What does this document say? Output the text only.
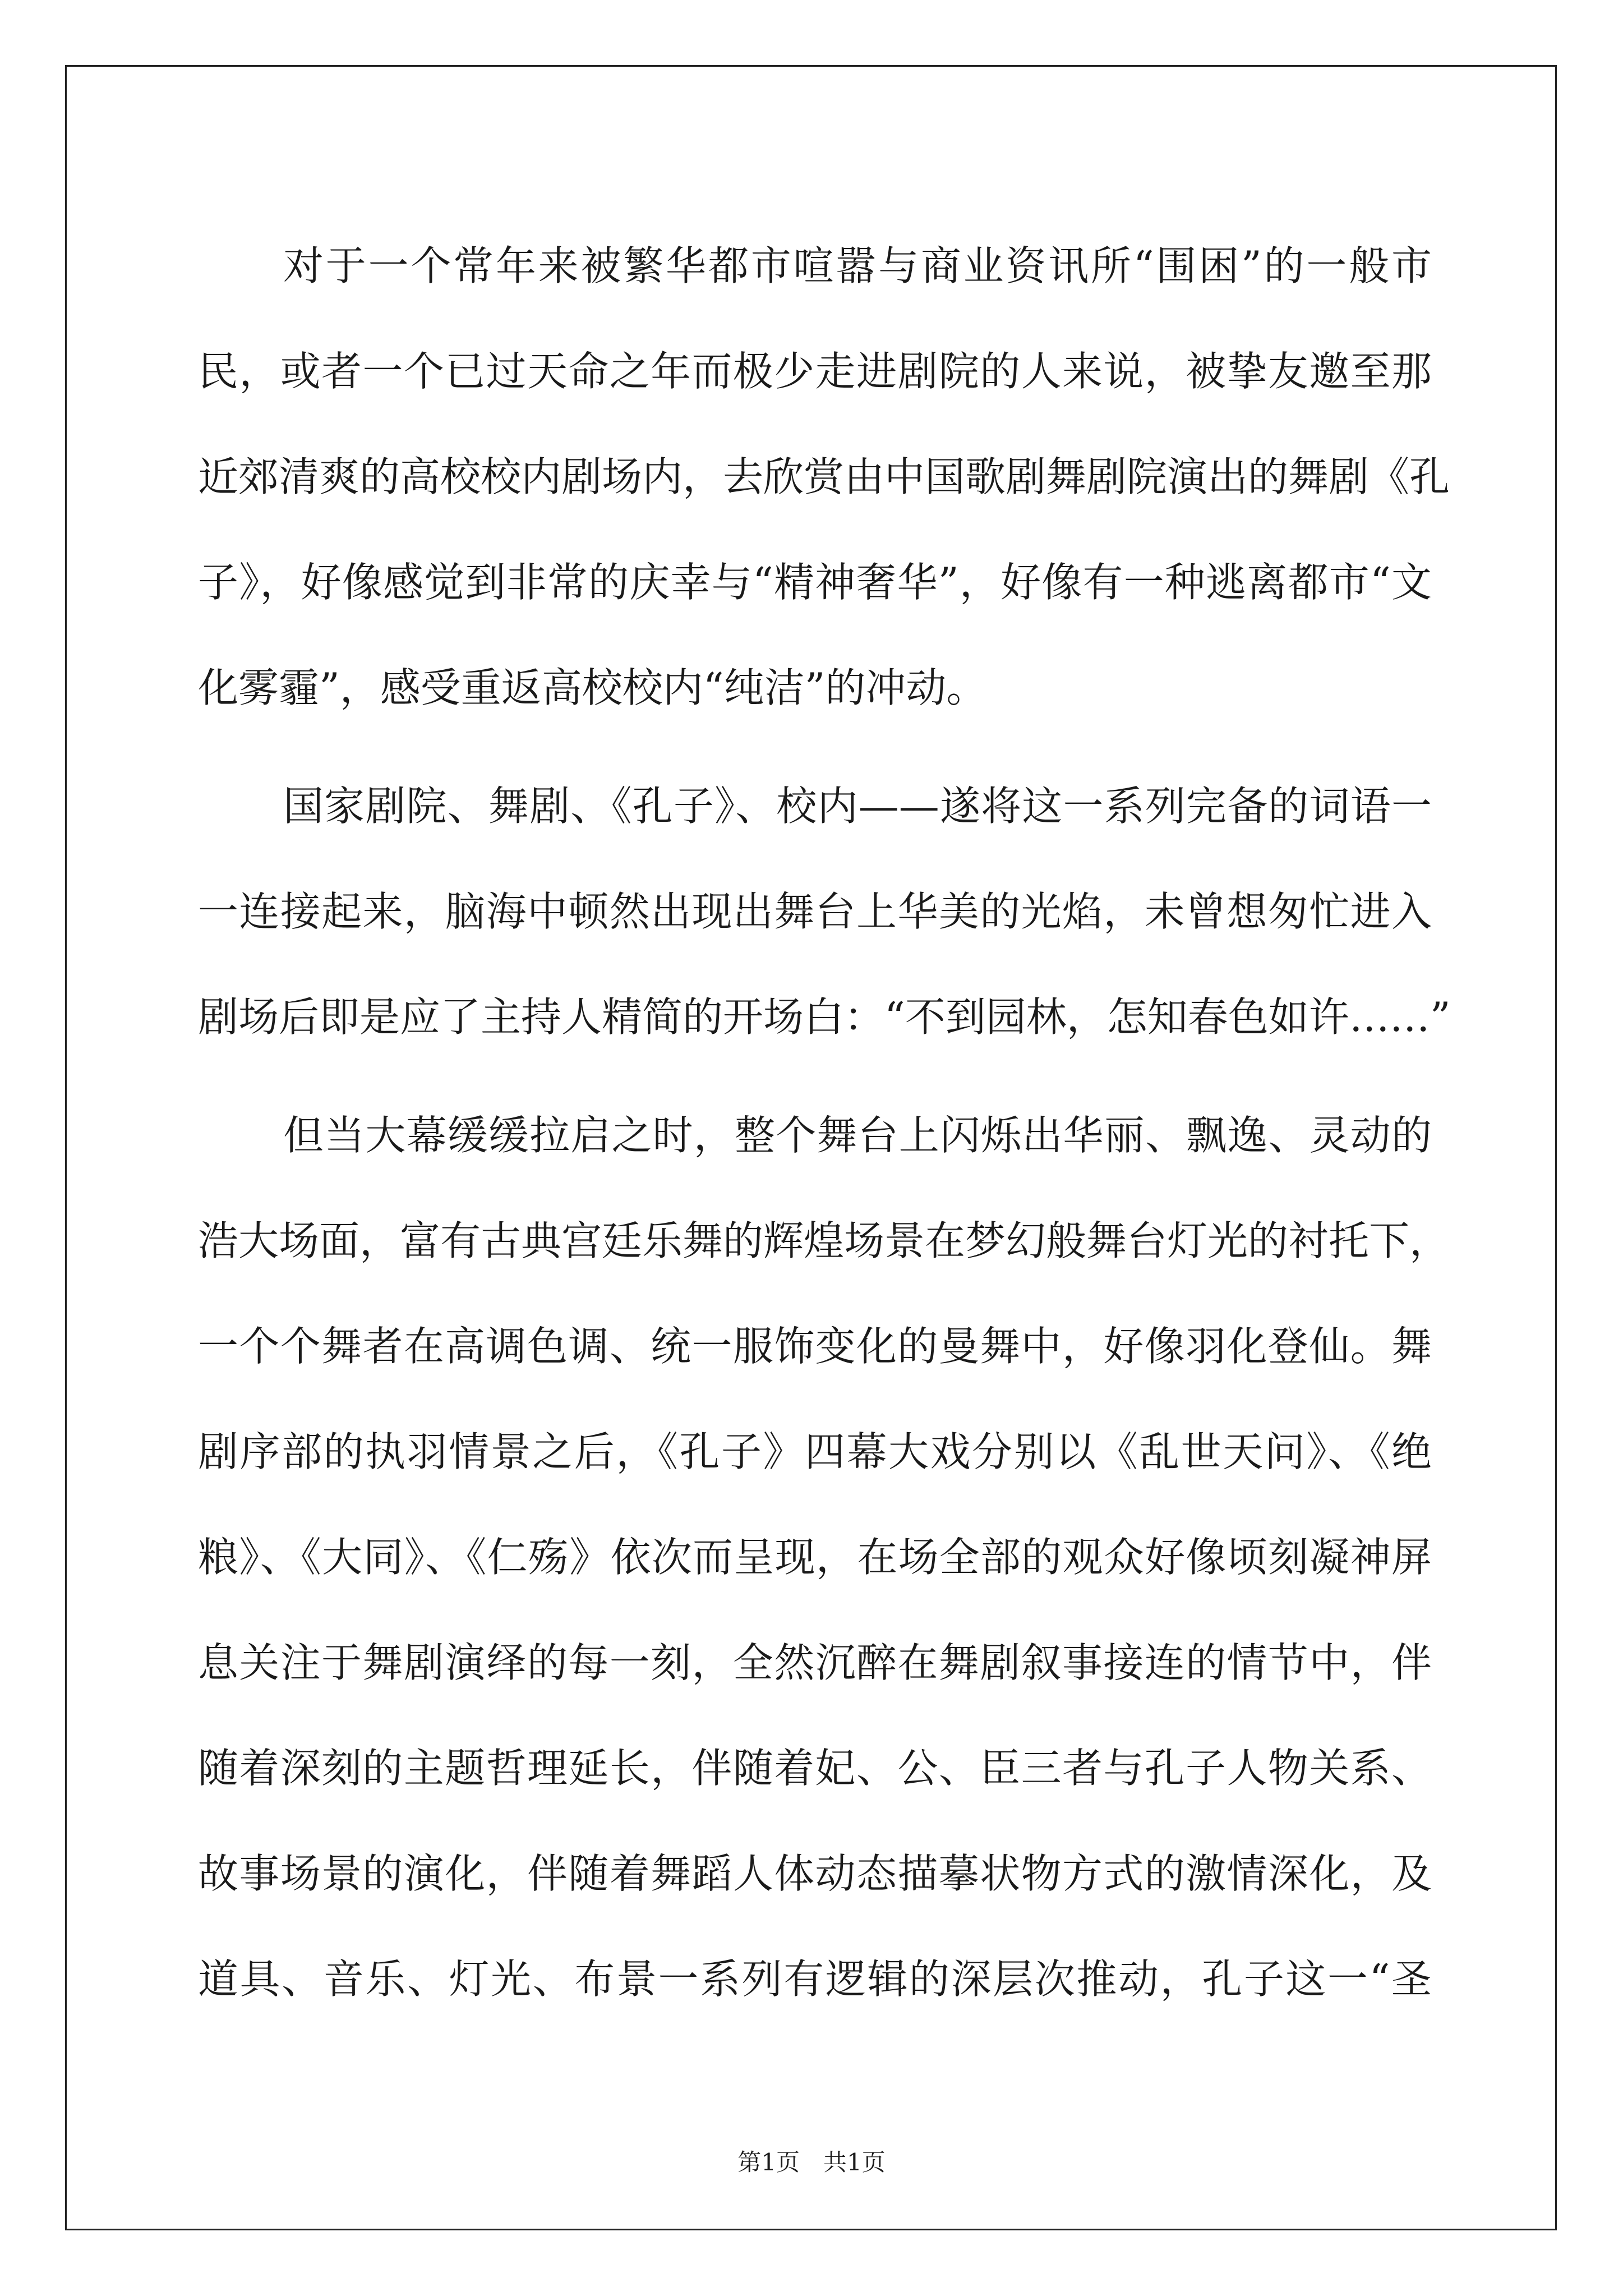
对于一个常年来被繁华都市喧嚣与商业资讯所“围困”的一般市
民，或者一个已过天命之年而极少走进剧院的人来说，被挚友邀至那
近郊清爽的高校校内剧场内，去欣赏由中国歌剧舞剧院演出的舞剧《孔
子》，好像感觉到非常的庆幸与“精神奢华”，好像有一种逃离都市“文
化雾霾”，感受重返高校校内“纯洁”的冲动。
国家剧院、舞剧、《孔子》、校内——遂将这一系列完备的词语一
一连接起来，脑海中顿然出现出舞台上华美的光焰，未曾想匆忙进入
剧场后即是应了主持人精简的开场白：“不到园林，怎知春色如许……”
但当大幕缓缓拉启之时，整个舞台上闪烁出华丽、飘逸、灵动的
浩大场面，富有古典宫廷乐舞的辉煌场景在梦幻般舞台灯光的衬托下，
一个个舞者在高调色调、统一服饰变化的曼舞中，好像羽化登仙。舞
剧序部的执羽情景之后，《孔子》四幕大戏分别以《乱世天问》、《绝
粮》、《大同》、《仁殇》依次而呈现，在场全部的观众好像顷刻凝神屏
息关注于舞剧演绎的每一刻，全然沉醉在舞剧叙事接连的情节中，伴
随着深刻的主题哲理延长，伴随着妃、公、臣三者与孔子人物关系、
故事场景的演化，伴随着舞蹈人体动态描摹状物方式的激情深化，及
道具、音乐、灯光、布景一系列有逻辑的深层次推动，孔子这一“圣
第1页　共1页
